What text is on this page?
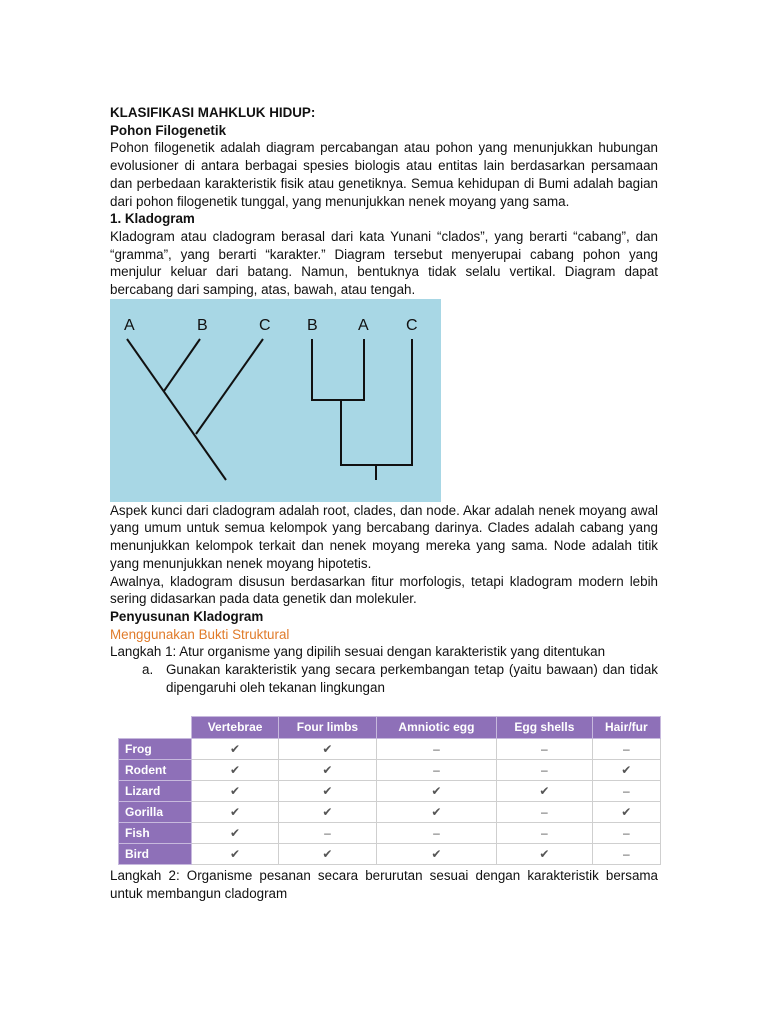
KLASIFIKASI MAHKLUK HIDUP:

Pohon Filogenetik

Pohon filogenetik adalah diagram percabangan atau pohon yang menunjukkan hubungan evolusioner di antara berbagai spesies biologis atau entitas lain berdasarkan persamaan dan perbedaan karakteristik fisik atau genetiknya. Semua kehidupan di Bumi adalah bagian dari pohon filogenetik tunggal, yang menunjukkan nenek moyang yang sama.

1. Kladogram

Kladogram atau cladogram berasal dari kata Yunani “clados”, yang berarti “cabang”, dan “gramma”, yang berarti “karakter.” Diagram tersebut menyerupai cabang pohon yang menjulur keluar dari batang. Namun, bentuknya tidak selalu vertikal. Diagram dapat bercabang dari samping, atas, bawah, atau tengah.

A	B	C B	A C

Aspek kunci dari cladogram adalah root, clades, dan node. Akar adalah nenek moyang awal yang umum untuk semua kelompok yang bercabang darinya. Clades adalah cabang yang menunjukkan kelompok terkait dan nenek moyang mereka yang sama. Node adalah titik yang menunjukkan nenek moyang hipotetis.

Awalnya, kladogram disusun berdasarkan fitur morfologis, tetapi kladogram modern lebih sering didasarkan pada data genetik dan molekuler.

Penyusunan Kladogram

Menggunakan Bukti Struktural

Langkah 1: Atur organisme yang dipilih sesuai dengan karakteristik yang ditentukan

a. Gunakan karakteristik yang secara perkembangan tetap (yaitu bawaan) dan tidak dipengaruhi oleh tekanan lingkungan
	Vertebrae	Four limbs	Amniotic egg	Egg shells	Hair/fur
Frog	✔	✔	–	–	–
Rodent	✔	✔	–	–	✔
Lizard	✔	✔	✔	✔	–
Gorilla	✔	✔	✔	–	✔
Fish	✔	–	–	–	–
Bird	✔	✔	✔	✔	–

Langkah 2: Organisme pesanan secara berurutan sesuai dengan karakteristik bersama untuk membangun cladogram
